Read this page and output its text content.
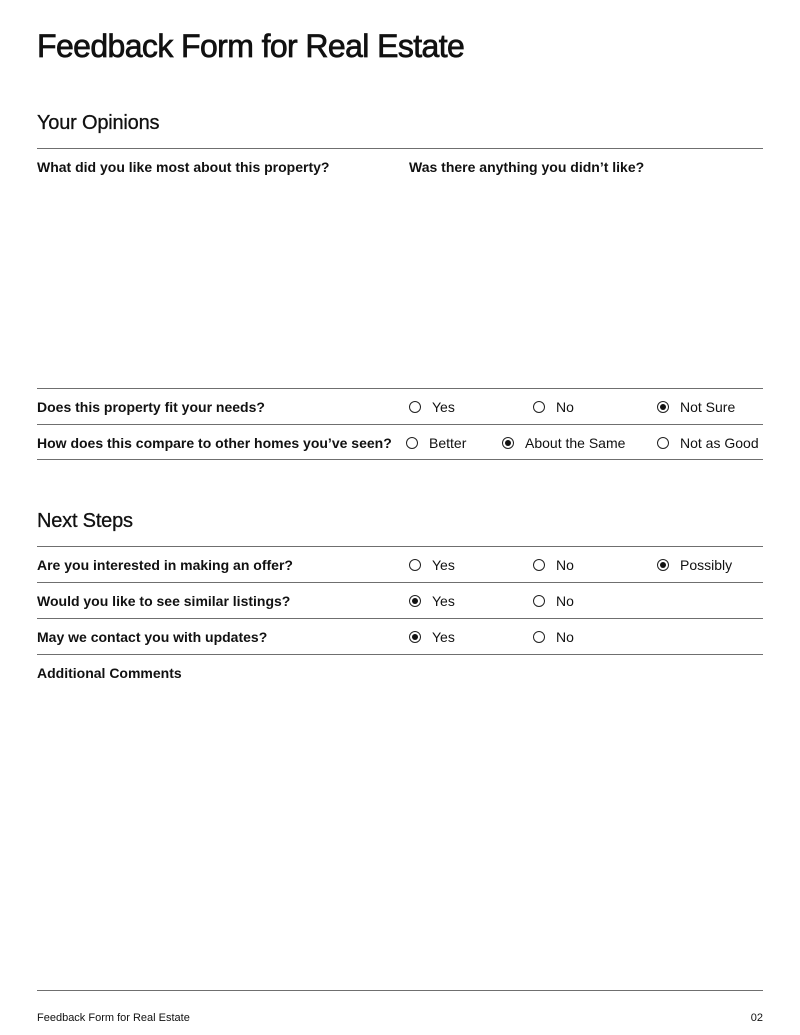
Feedback Form for Real Estate
Your Opinions
What did you like most about this property?	Was there anything you didn’t like?
Does this property fit your needs?	Yes	No	Not Sure
How does this compare to other homes you’ve seen?	Better	About the Same	Not as Good
Next Steps
Are you interested in making an offer?	Yes	No	Possibly
Would you like to see similar listings?	Yes	No
May we contact you with updates?	Yes	No
Additional Comments
Feedback Form for Real Estate	02
